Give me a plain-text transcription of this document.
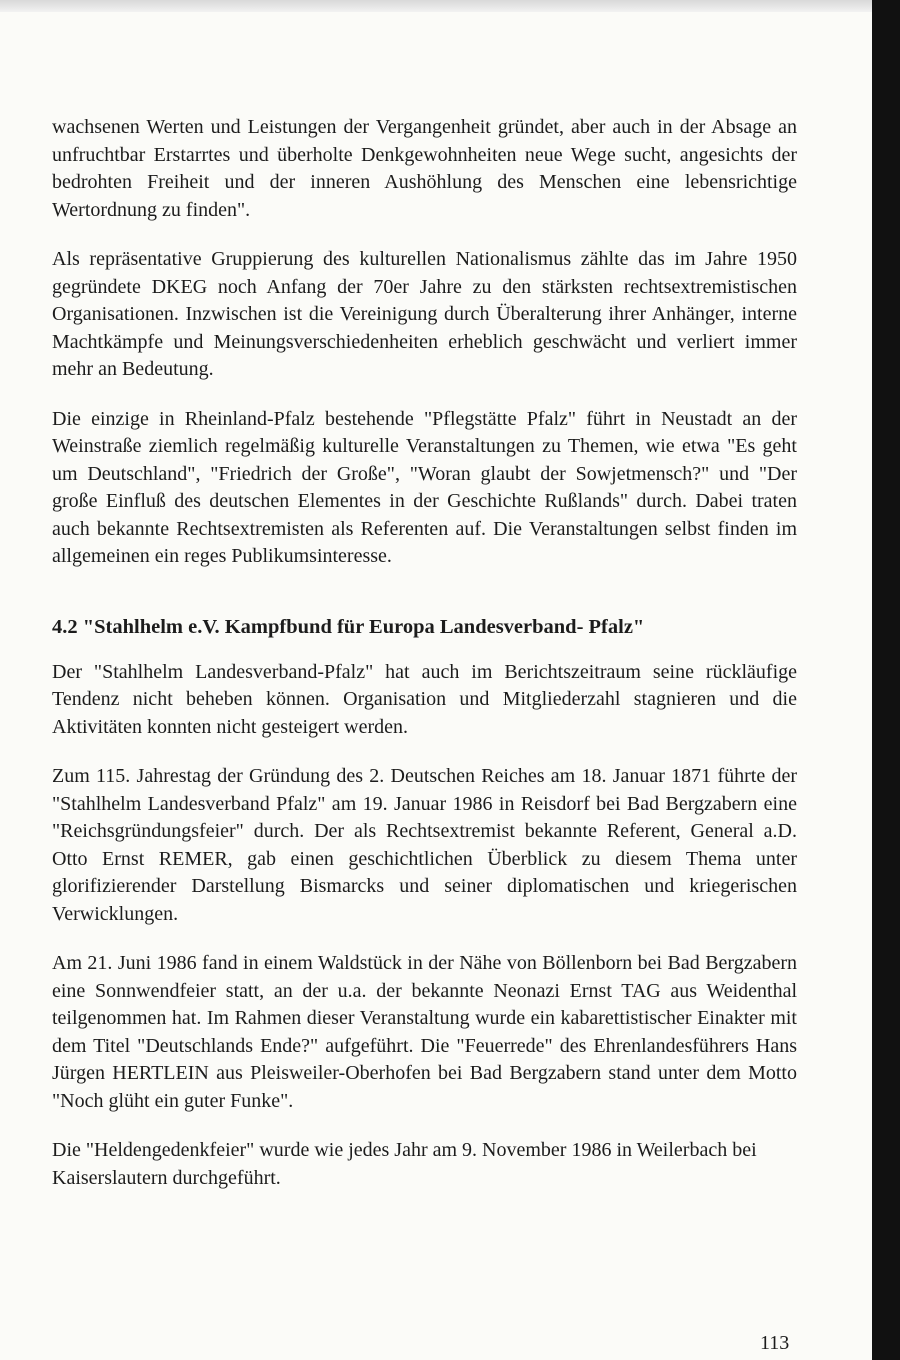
wachsenen Werten und Leistungen der Vergangenheit gründet, aber auch in der Absage an unfruchtbar Erstarrtes und überholte Denkgewohnheiten neue Wege sucht, angesichts der bedrohten Freiheit und der inneren Aushöhlung des Menschen eine lebensrichtige Wertordnung zu finden".

Als repräsentative Gruppierung des kulturellen Nationalismus zählte das im Jahre 1950 gegründete DKEG noch Anfang der 70er Jahre zu den stärksten rechtsextremistischen Organisationen. Inzwischen ist die Vereinigung durch Überalterung ihrer Anhänger, interne Machtkämpfe und Meinungsverschiedenheiten erheblich geschwächt und verliert immer mehr an Bedeutung.

Die einzige in Rheinland-Pfalz bestehende "Pflegstätte Pfalz" führt in Neustadt an der Weinstraße ziemlich regelmäßig kulturelle Veranstaltungen zu Themen, wie etwa "Es geht um Deutschland", "Friedrich der Große", "Woran glaubt der Sowjetmensch?" und "Der große Einfluß des deutschen Elementes in der Geschichte Rußlands" durch. Dabei traten auch bekannte Rechtsextremisten als Referenten auf. Die Veranstaltungen selbst finden im allgemeinen ein reges Publikumsinteresse.

4.2 "Stahlhelm e.V. Kampfbund für Europa Landesverband- Pfalz"

Der "Stahlhelm Landesverband-Pfalz" hat auch im Berichtszeitraum seine rückläufige Tendenz nicht beheben können. Organisation und Mitgliederzahl stagnieren und die Aktivitäten konnten nicht gesteigert werden.

Zum 115. Jahrestag der Gründung des 2. Deutschen Reiches am 18. Januar 1871 führte der "Stahlhelm Landesverband Pfalz" am 19. Januar 1986 in Reisdorf bei Bad Bergzabern eine "Reichsgründungsfeier" durch. Der als Rechtsextremist bekannte Referent, General a.D. Otto Ernst REMER, gab einen geschichtlichen Überblick zu diesem Thema unter glorifizierender Darstellung Bismarcks und seiner diplomatischen und kriegerischen Verwicklungen.

Am 21. Juni 1986 fand in einem Waldstück in der Nähe von Böllenborn bei Bad Bergzabern eine Sonnwendfeier statt, an der u.a. der bekannte Neonazi Ernst TAG aus Weidenthal teilgenommen hat. Im Rahmen dieser Veranstaltung wurde ein kabarettistischer Einakter mit dem Titel "Deutschlands Ende?" aufgeführt. Die "Feuerrede" des Ehrenlandesführers Hans Jürgen HERTLEIN aus Pleisweiler-Oberhofen bei Bad Bergzabern stand unter dem Motto "Noch glüht ein guter Funke".

Die "Heldengedenkfeier" wurde wie jedes Jahr am 9. November 1986 in Weilerbach bei Kaiserslautern durchgeführt.

113
